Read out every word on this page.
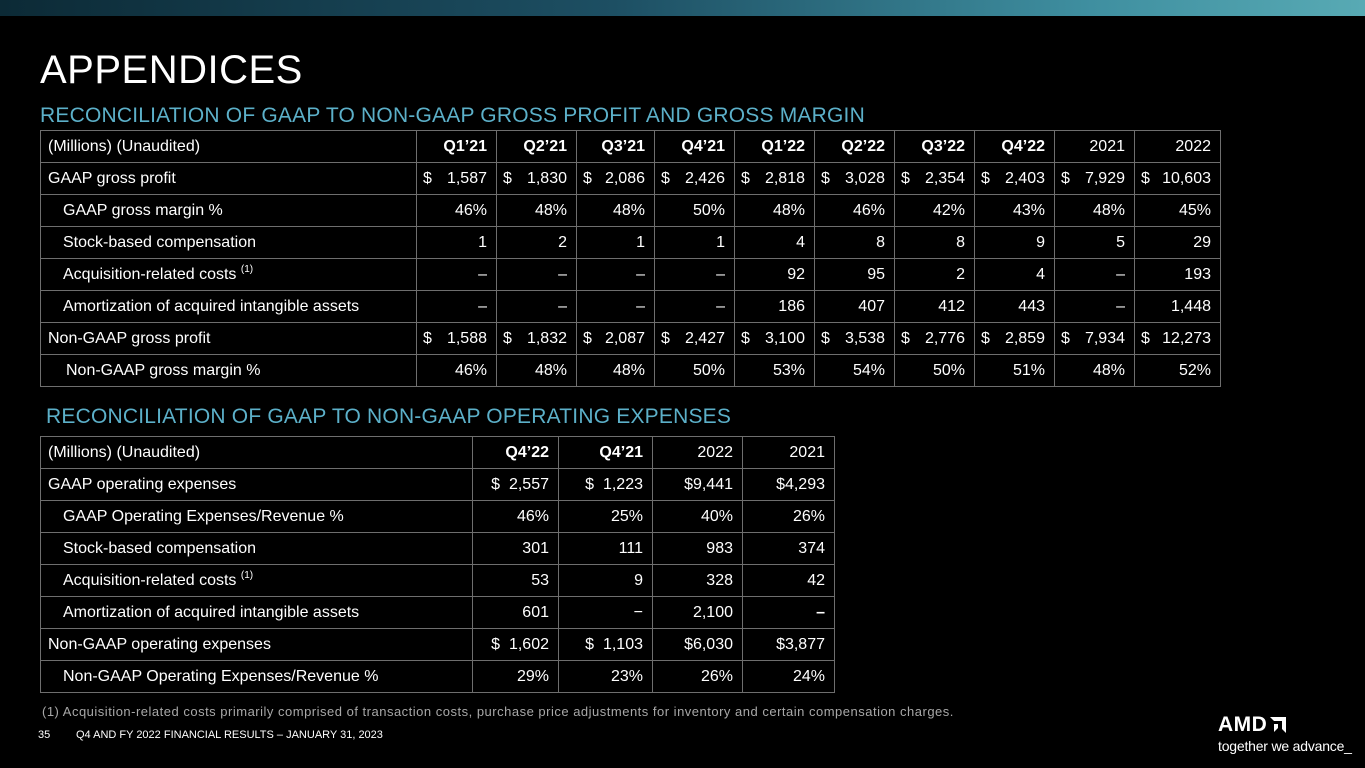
APPENDICES
RECONCILIATION OF GAAP TO NON-GAAP GROSS PROFIT AND GROSS MARGIN
(Millions) (Unaudited)	Q1’21	Q2’21	Q3’21	Q4’21	Q1’22	Q2’22	Q3’22	Q4’22	2021	2022
GAAP gross profit	$ 1,587	$ 1,830	$ 2,086	$ 2,426	$ 2,818	$ 3,028	$ 2,354	$ 2,403	$ 7,929	$ 10,603

GAAP gross margin %	46%	48%	48%	50%	48%	46%	42%	43%	48%	45%
Stock-based compensation	1	2	1	1	4	8	8	9	5	29
Acquisition-related costs $^{(1)}$	–	–	–	–	92	95	2	4	–	193
Amortization of acquired intangible assets	–	–	–	–	186	407	412	443	–	1,448
Non-GAAP gross profit	$ 1,588	$ 1,832	$ 2,087	$ 2,427	$ 3,100	$ 3,538	$ 2,776	$ 2,859	$ 7,934	$ 12,273

Non-GAAP gross margin %	46%	48%	48%	50%	53%	54%	50%	51%	48%	52%
RECONCILIATION OF GAAP TO NON-GAAP OPERATING EXPENSES
(Millions) (Unaudited)	Q4’22	Q4’21	2022	2021
GAAP operating expenses	$ 2,557	$ 1,223	$9,441	$4,293
GAAP Operating Expenses/Revenue %	46%	25%	40%	26%
Stock-based compensation	301	111	983	374
Acquisition-related costs $^{(1)}$	53	9	328	42
Amortization of acquired intangible assets	601	−	2,100	–
Non-GAAP operating expenses	$ 1,602	$ 1,103	$6,030	$3,877
Non-GAAP Operating Expenses/Revenue %	29%	23%	26%	24%
(1) Acquisition-related costs primarily comprised of transaction costs, purchase price adjustments for inventory and certain compensation charges.
35 Q4 AND FY 2022 FINANCIAL RESULTS – JANUARY 31, 2023	AMD
together we advance_
